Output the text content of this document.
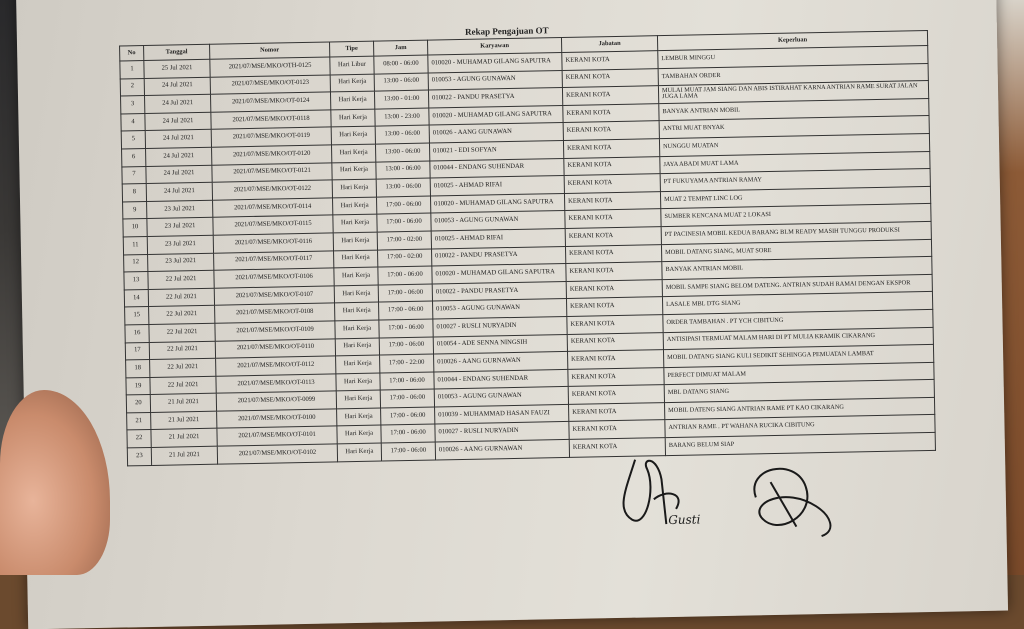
Rekap Pengajuan OT
No	Tanggal	Nomor	Tipe	Jam	Karyawan	Jabatan	Keperluan
1	25 Jul 2021	2021/07/MSE/MKO/OTH-0125	Hari Libur	08:00 - 06:00	010020 - MUHAMAD GILANG SAPUTRA	KERANI KOTA	LEMBUR MINGGU
2	24 Jul 2021	2021/07/MSE/MKO/OT-0123	Hari Kerja	13:00 - 06:00	010053 - AGUNG GUNAWAN	KERANI KOTA	TAMBAHAN ORDER
3	24 Jul 2021	2021/07/MSE/MKO/OT-0124	Hari Kerja	13:00 - 01:00	010022 - PANDU PRASETYA	KERANI KOTA	MULAI MUAT JAM SIANG DAN ABIS ISTIRAHAT KARNA ANTRIAN RAME SURAT JALAN JUGA LAMA
4	24 Jul 2021	2021/07/MSE/MKO/OT-0118	Hari Kerja	13:00 - 23:00	010020 - MUHAMAD GILANG SAPUTRA	KERANI KOTA	BANYAK ANTRIAN MOBIL
5	24 Jul 2021	2021/07/MSE/MKO/OT-0119	Hari Kerja	13:00 - 06:00	010026 - AANG GUNAWAN	KERANI KOTA	ANTRI MUAT BNYAK
6	24 Jul 2021	2021/07/MSE/MKO/OT-0120	Hari Kerja	13:00 - 06:00	010021 - EDI SOFYAN	KERANI KOTA	NUNGGU MUATAN
7	24 Jul 2021	2021/07/MSE/MKO/OT-0121	Hari Kerja	13:00 - 06:00	010044 - ENDANG SUHENDAR	KERANI KOTA	JAYA ABADI MUAT LAMA
8	24 Jul 2021	2021/07/MSE/MKO/OT-0122	Hari Kerja	13:00 - 06:00	010025 - AHMAD RIFAI	KERANI KOTA	PT FUKUYAMA ANTRIAN RAMAY
9	23 Jul 2021	2021/07/MSE/MKO/OT-0114	Hari Kerja	17:00 - 06:00	010020 - MUHAMAD GILANG SAPUTRA	KERANI KOTA	MUAT 2 TEMPAT LINC LOG
10	23 Jul 2021	2021/07/MSE/MKO/OT-0115	Hari Kerja	17:00 - 06:00	010053 - AGUNG GUNAWAN	KERANI KOTA	SUMBER KENCANA MUAT 2 LOKASI
11	23 Jul 2021	2021/07/MSE/MKO/OT-0116	Hari Kerja	17:00 - 02:00	010025 - AHMAD RIFAI	KERANI KOTA	PT PACINESIA MOBIL KEDUA BARANG BLM READY MASIH TUNGGU PRODUKSI
12	23 Jul 2021	2021/07/MSE/MKO/OT-0117	Hari Kerja	17:00 - 02:00	010022 - PANDU PRASETYA	KERANI KOTA	MOBIL DATANG SIANG, MUAT SORE
13	22 Jul 2021	2021/07/MSE/MKO/OT-0106	Hari Kerja	17:00 - 06:00	010020 - MUHAMAD GILANG SAPUTRA	KERANI KOTA	BANYAK ANTRIAN MOBIL
14	22 Jul 2021	2021/07/MSE/MKO/OT-0107	Hari Kerja	17:00 - 06:00	010022 - PANDU PRASETYA	KERANI KOTA	MOBIL SAMPE SIANG BELOM DATENG. ANTRIAN SUDAH RAMAI DENGAN EKSPOR
15	22 Jul 2021	2021/07/MSE/MKO/OT-0108	Hari Kerja	17:00 - 06:00	010053 - AGUNG GUNAWAN	KERANI KOTA	LASALE MBL DTG SIANG
16	22 Jul 2021	2021/07/MSE/MKO/OT-0109	Hari Kerja	17:00 - 06:00	010027 - RUSLI NURYADIN	KERANI KOTA	ORDER TAMBAHAN . PT YCH CIBITUNG
17	22 Jul 2021	2021/07/MSE/MKO/OT-0110	Hari Kerja	17:00 - 06:00	010054 - ADE SENNA NINGSIH	KERANI KOTA	ANTISIPASI TERMUAT MALAM HARI DI PT MULIA KRAMIK CIKARANG
18	22 Jul 2021	2021/07/MSE/MKO/OT-0112	Hari Kerja	17:00 - 22:00	010026 - AANG GURNAWAN	KERANI KOTA	MOBIL DATANG SIANG KULI SEDIKIT SEHINGGA PEMUATAN LAMBAT
19	22 Jul 2021	2021/07/MSE/MKO/OT-0113	Hari Kerja	17:00 - 06:00	010044 - ENDANG SUHENDAR	KERANI KOTA	PERFECT DIMUAT MALAM
20	21 Jul 2021	2021/07/MSE/MKO/OT-0099	Hari Kerja	17:00 - 06:00	010053 - AGUNG GUNAWAN	KERANI KOTA	MBL DATANG SIANG
21	21 Jul 2021	2021/07/MSE/MKO/OT-0100	Hari Kerja	17:00 - 06:00	010039 - MUHAMMAD HASAN FAUZI	KERANI KOTA	MOBIL DATENG SIANG ANTRIAN RAME PT KAO CIKARANG
22	21 Jul 2021	2021/07/MSE/MKO/OT-0101	Hari Kerja	17:00 - 06:00	010027 - RUSLI NURYADIN	KERANI KOTA	ANTRIAN RAME . PT WAHANA RUCIKA CIBITUNG
23	21 Jul 2021	2021/07/MSE/MKO/OT-0102	Hari Kerja	17:00 - 06:00	010026 - AANG GURNAWAN	KERANI KOTA	BARANG BELUM SIAP
Gusti
